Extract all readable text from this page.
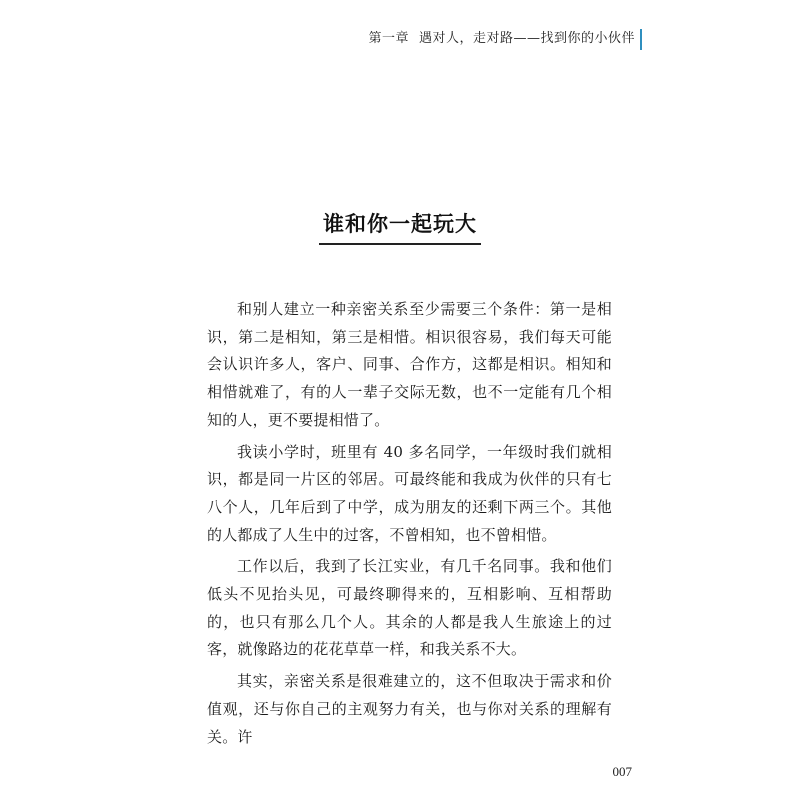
第一章 遇对人，走对路——找到你的小伙伴
谁和你一起玩大

和别人建立一种亲密关系至少需要三个条件：第一是相识，第二是相知，第三是相惜。相识很容易，我们每天可能会认识许多人，客户、同事、合作方，这都是相识。相知和相惜就难了，有的人一辈子交际无数，也不一定能有几个相知的人，更不要提相惜了。

我读小学时，班里有 40 多名同学，一年级时我们就相识，都是同一片区的邻居。可最终能和我成为伙伴的只有七八个人，几年后到了中学，成为朋友的还剩下两三个。其他的人都成了人生中的过客，不曾相知，也不曾相惜。

工作以后，我到了长江实业，有几千名同事。我和他们低头不见抬头见，可最终聊得来的，互相影响、互相帮助的，也只有那么几个人。其余的人都是我人生旅途上的过客，就像路边的花花草草一样，和我关系不大。

其实，亲密关系是很难建立的，这不但取决于需求和价值观，还与你自己的主观努力有关，也与你对关系的理解有关。许

007
